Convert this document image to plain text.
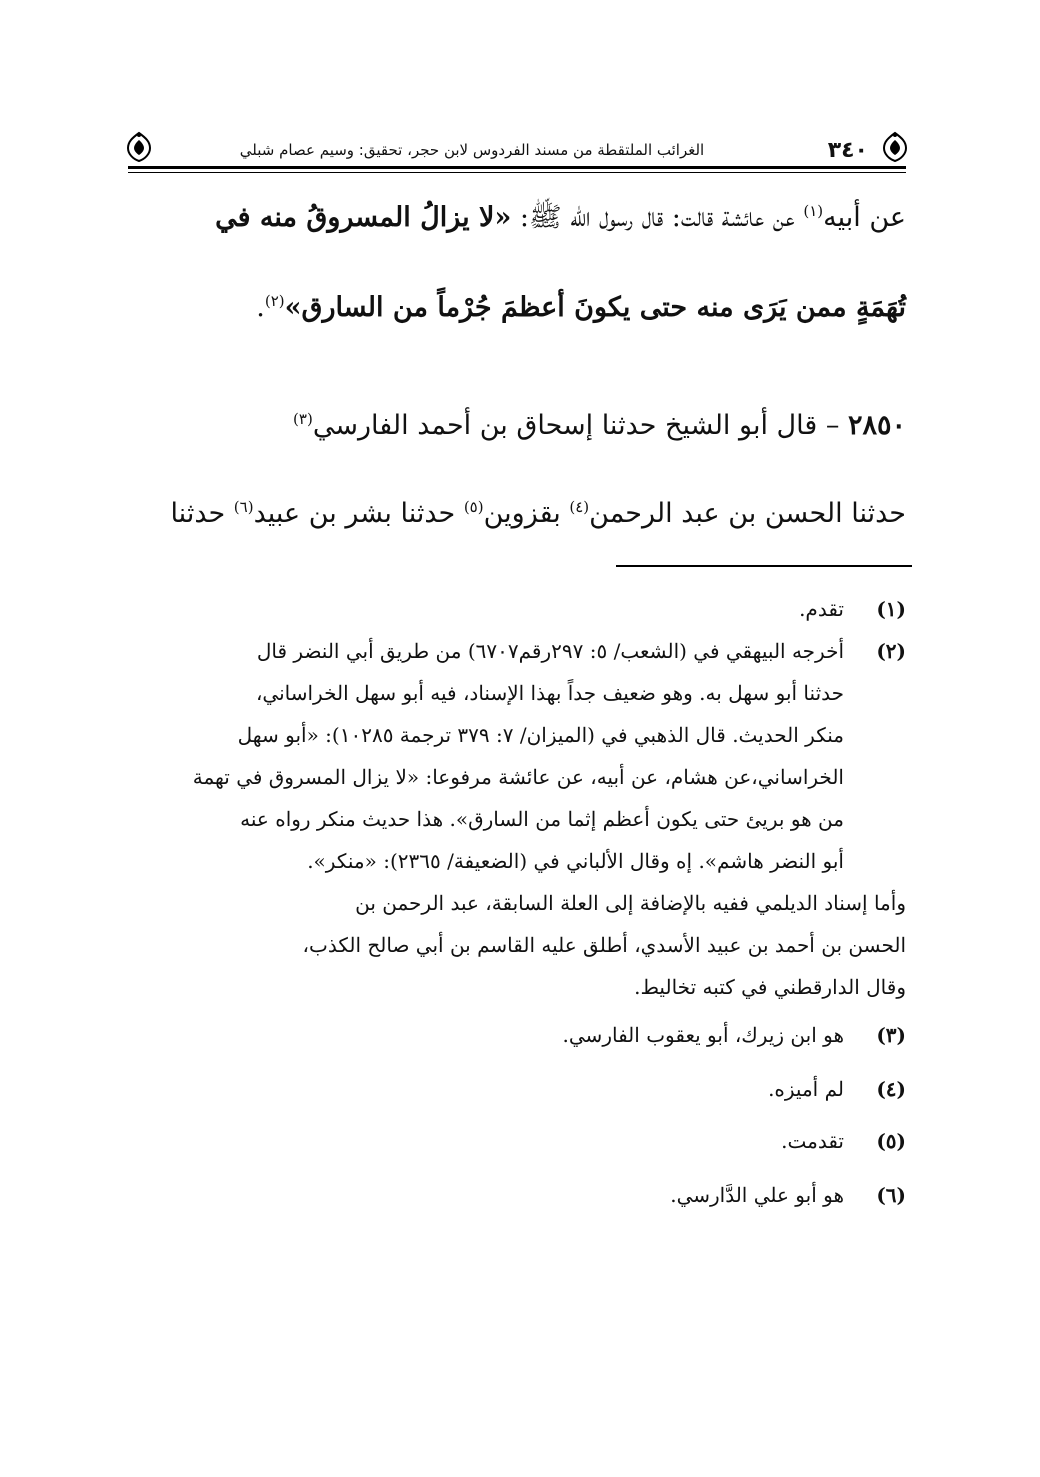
٣٤٠
الغرائب الملتقطة من مسند الفردوس لابن حجر، تحقيق: وسيم عصام شبلي
عن أبيه$^{(١)}$ عن عائشة قالت: قال رسول الله ﷺ: «لا يزالُ المسروقُ منه في
تُهَمَةٍ ممن يَرَى منه حتى يكونَ أعظمَ جُرْماً من السارق»$^{(٢)}$.
٢٨٥٠ – قال أبو الشيخ حدثنا إسحاق بن أحمد الفارسي$^{(٣)}$
حدثنا الحسن بن عبد الرحمن$^{(٤)}$ بقزوين$^{(٥)}$ حدثنا بشر بن عبيد$^{(٦)}$ حدثنا
(١)
تقدم.
(٢)
أخرجه البيهقي في (الشعب/ ٥: ٢٩٧رقم٦٧٠٧) من طريق أبي النضر قال
حدثنا أبو سهل به. وهو ضعيف جداً بهذا الإسناد، فيه أبو سهل الخراساني،
منكر الحديث. قال الذهبي في (الميزان/ ٧: ٣٧٩ ترجمة ١٠٢٨٥): «أبو سهل
الخراساني،عن هشام، عن أبيه، عن عائشة مرفوعا: «لا يزال المسروق في تهمة
من هو بريئ حتى يكون أعظم إثما من السارق». هذا حديث منكر رواه عنه
أبو النضر هاشم». إه وقال الألباني في (الضعيفة/ ٢٣٦٥): «منكر».
وأما إسناد الديلمي ففيه بالإضافة إلى العلة السابقة، عبد الرحمن بن
الحسن بن أحمد بن عبيد الأسدي، أطلق عليه القاسم بن أبي صالح الكذب،
وقال الدارقطني في كتبه تخاليط.
(٣)
هو ابن زيرك، أبو يعقوب الفارسي.
(٤)
لم أميزه.
(٥)
تقدمت.
(٦)
هو أبو علي الدَّارسي.
